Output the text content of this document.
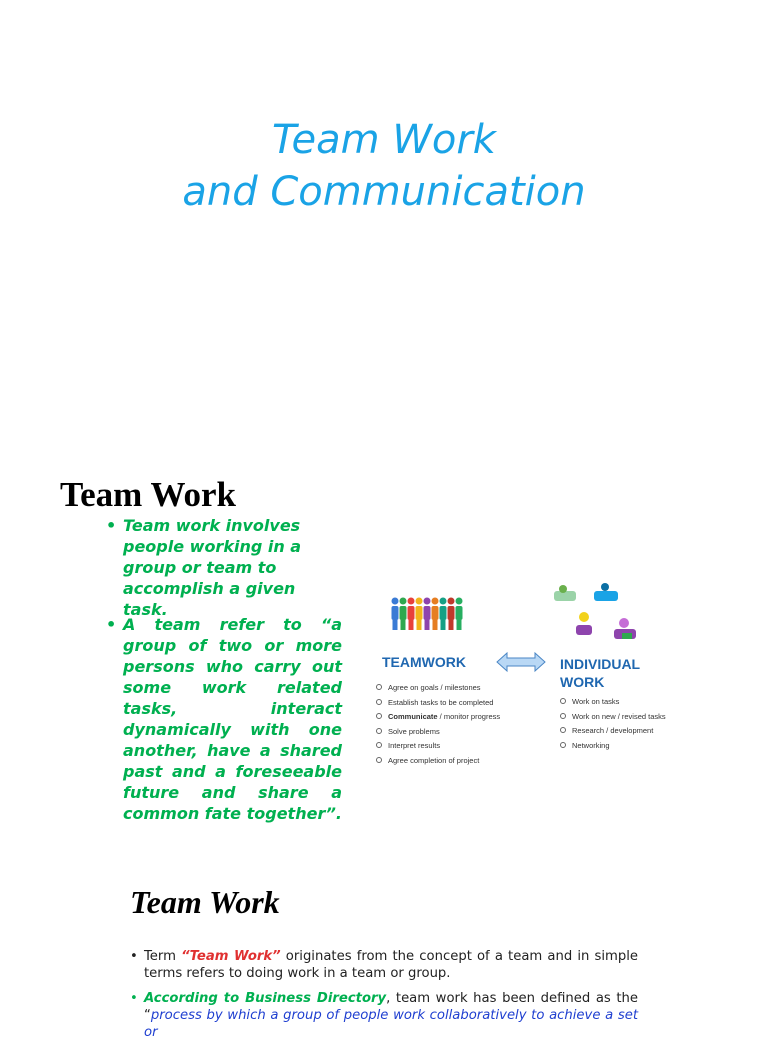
Team Work
and Communication
Team Work
• Team work involves people working in a group or team to accomplish a given task.
• A team refer to “a group of two or more persons who carry out some work related tasks, interact dynamically with one another, have a shared past and a foreseeable future and share a common fate together”.
TEAMWORK	INDIVIDUAL
WORK
Agree on goals / milestones
Establish tasks to be completed
Communicate / monitor progress
Solve problems
Interpret results
Agree completion of project
Work on tasks
Work on new / revised tasks
Research / development
Networking
Team Work
• Term “Team Work” originates from the concept of a team and in simple terms refers to doing work in a team or group.
• According to Business Directory, team work has been defined as the “process by which a group of people work collaboratively to achieve a set or
